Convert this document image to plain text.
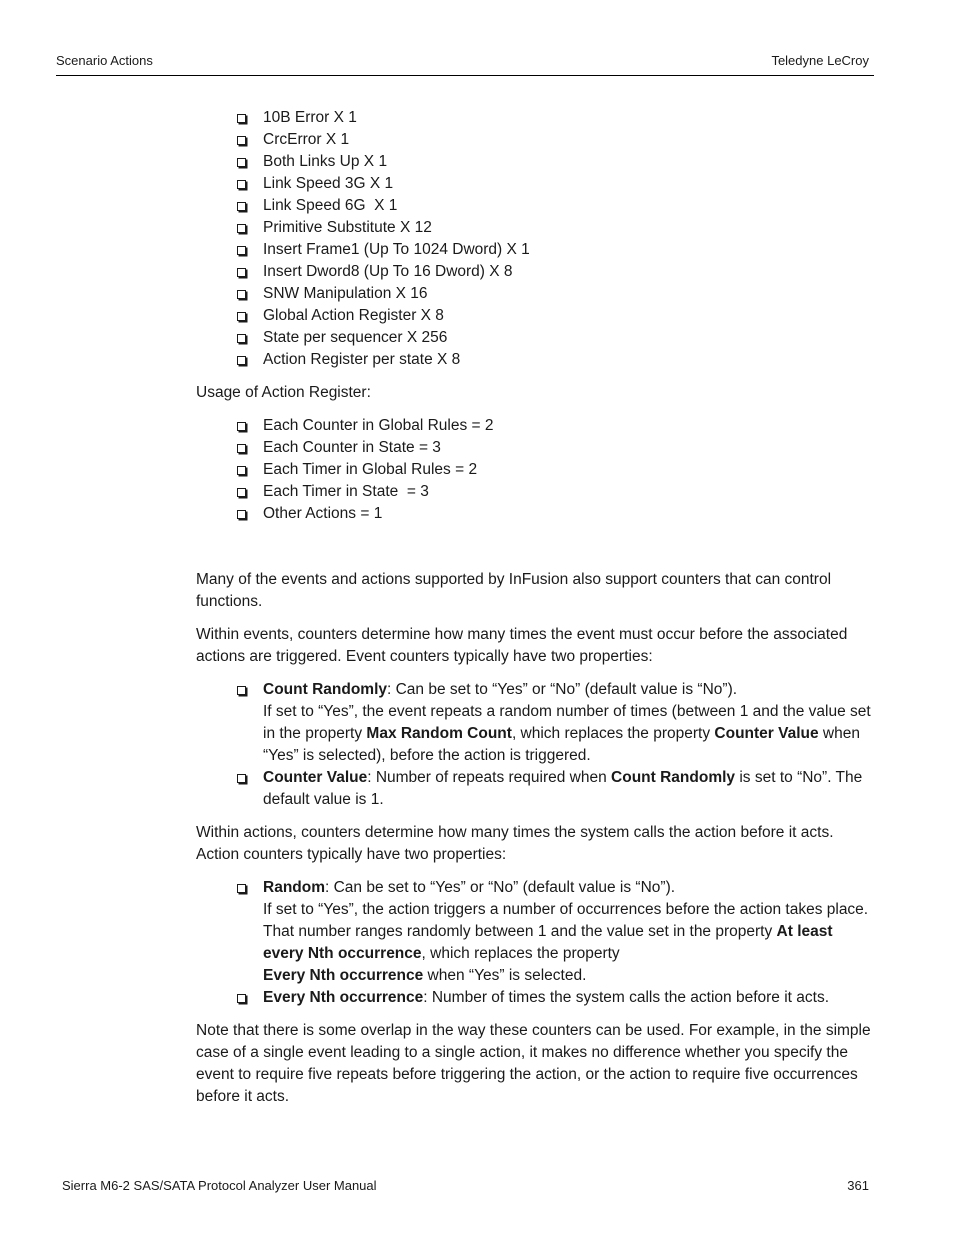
Scenario Actions	Teledyne LeCroy
10B Error X 1
CrcError X 1
Both Links Up X 1
Link Speed 3G X 1
Link Speed 6G  X 1
Primitive Substitute X 12
Insert Frame1 (Up To 1024 Dword) X 1
Insert Dword8 (Up To 16 Dword) X 8
SNW Manipulation X 16
Global Action Register X 8
State per sequencer X 256
Action Register per state X 8

Usage of Action Register:

Each Counter in Global Rules = 2
Each Counter in State = 3
Each Timer in Global Rules = 2
Each Timer in State  = 3
Other Actions = 1

Many of the events and actions supported by InFusion also support counters that can control functions.

Within events, counters determine how many times the event must occur before the associated actions are triggered. Event counters typically have two properties:

Count Randomly: Can be set to “Yes” or “No” (default value is “No”).
If set to “Yes”, the event repeats a random number of times (between 1 and the value set in the property Max Random Count, which replaces the property Counter Value when “Yes” is selected), before the action is triggered.
Counter Value: Number of repeats required when Count Randomly is set to “No”. The default value is 1.

Within actions, counters determine how many times the system calls the action before it acts. Action counters typically have two properties:

Random: Can be set to “Yes” or “No” (default value is “No”).
If set to “Yes”, the action triggers a number of occurrences before the action takes place. That number ranges randomly between 1 and the value set in the property At least every Nth occurrence, which replaces the property
Every Nth occurrence when “Yes” is selected.
Every Nth occurrence: Number of times the system calls the action before it acts.

Note that there is some overlap in the way these counters can be used. For example, in the simple case of a single event leading to a single action, it makes no difference whether you specify the event to require five repeats before triggering the action, or the action to require five occurrences before it acts.

Sierra M6-2 SAS/SATA Protocol Analyzer User Manual	361
